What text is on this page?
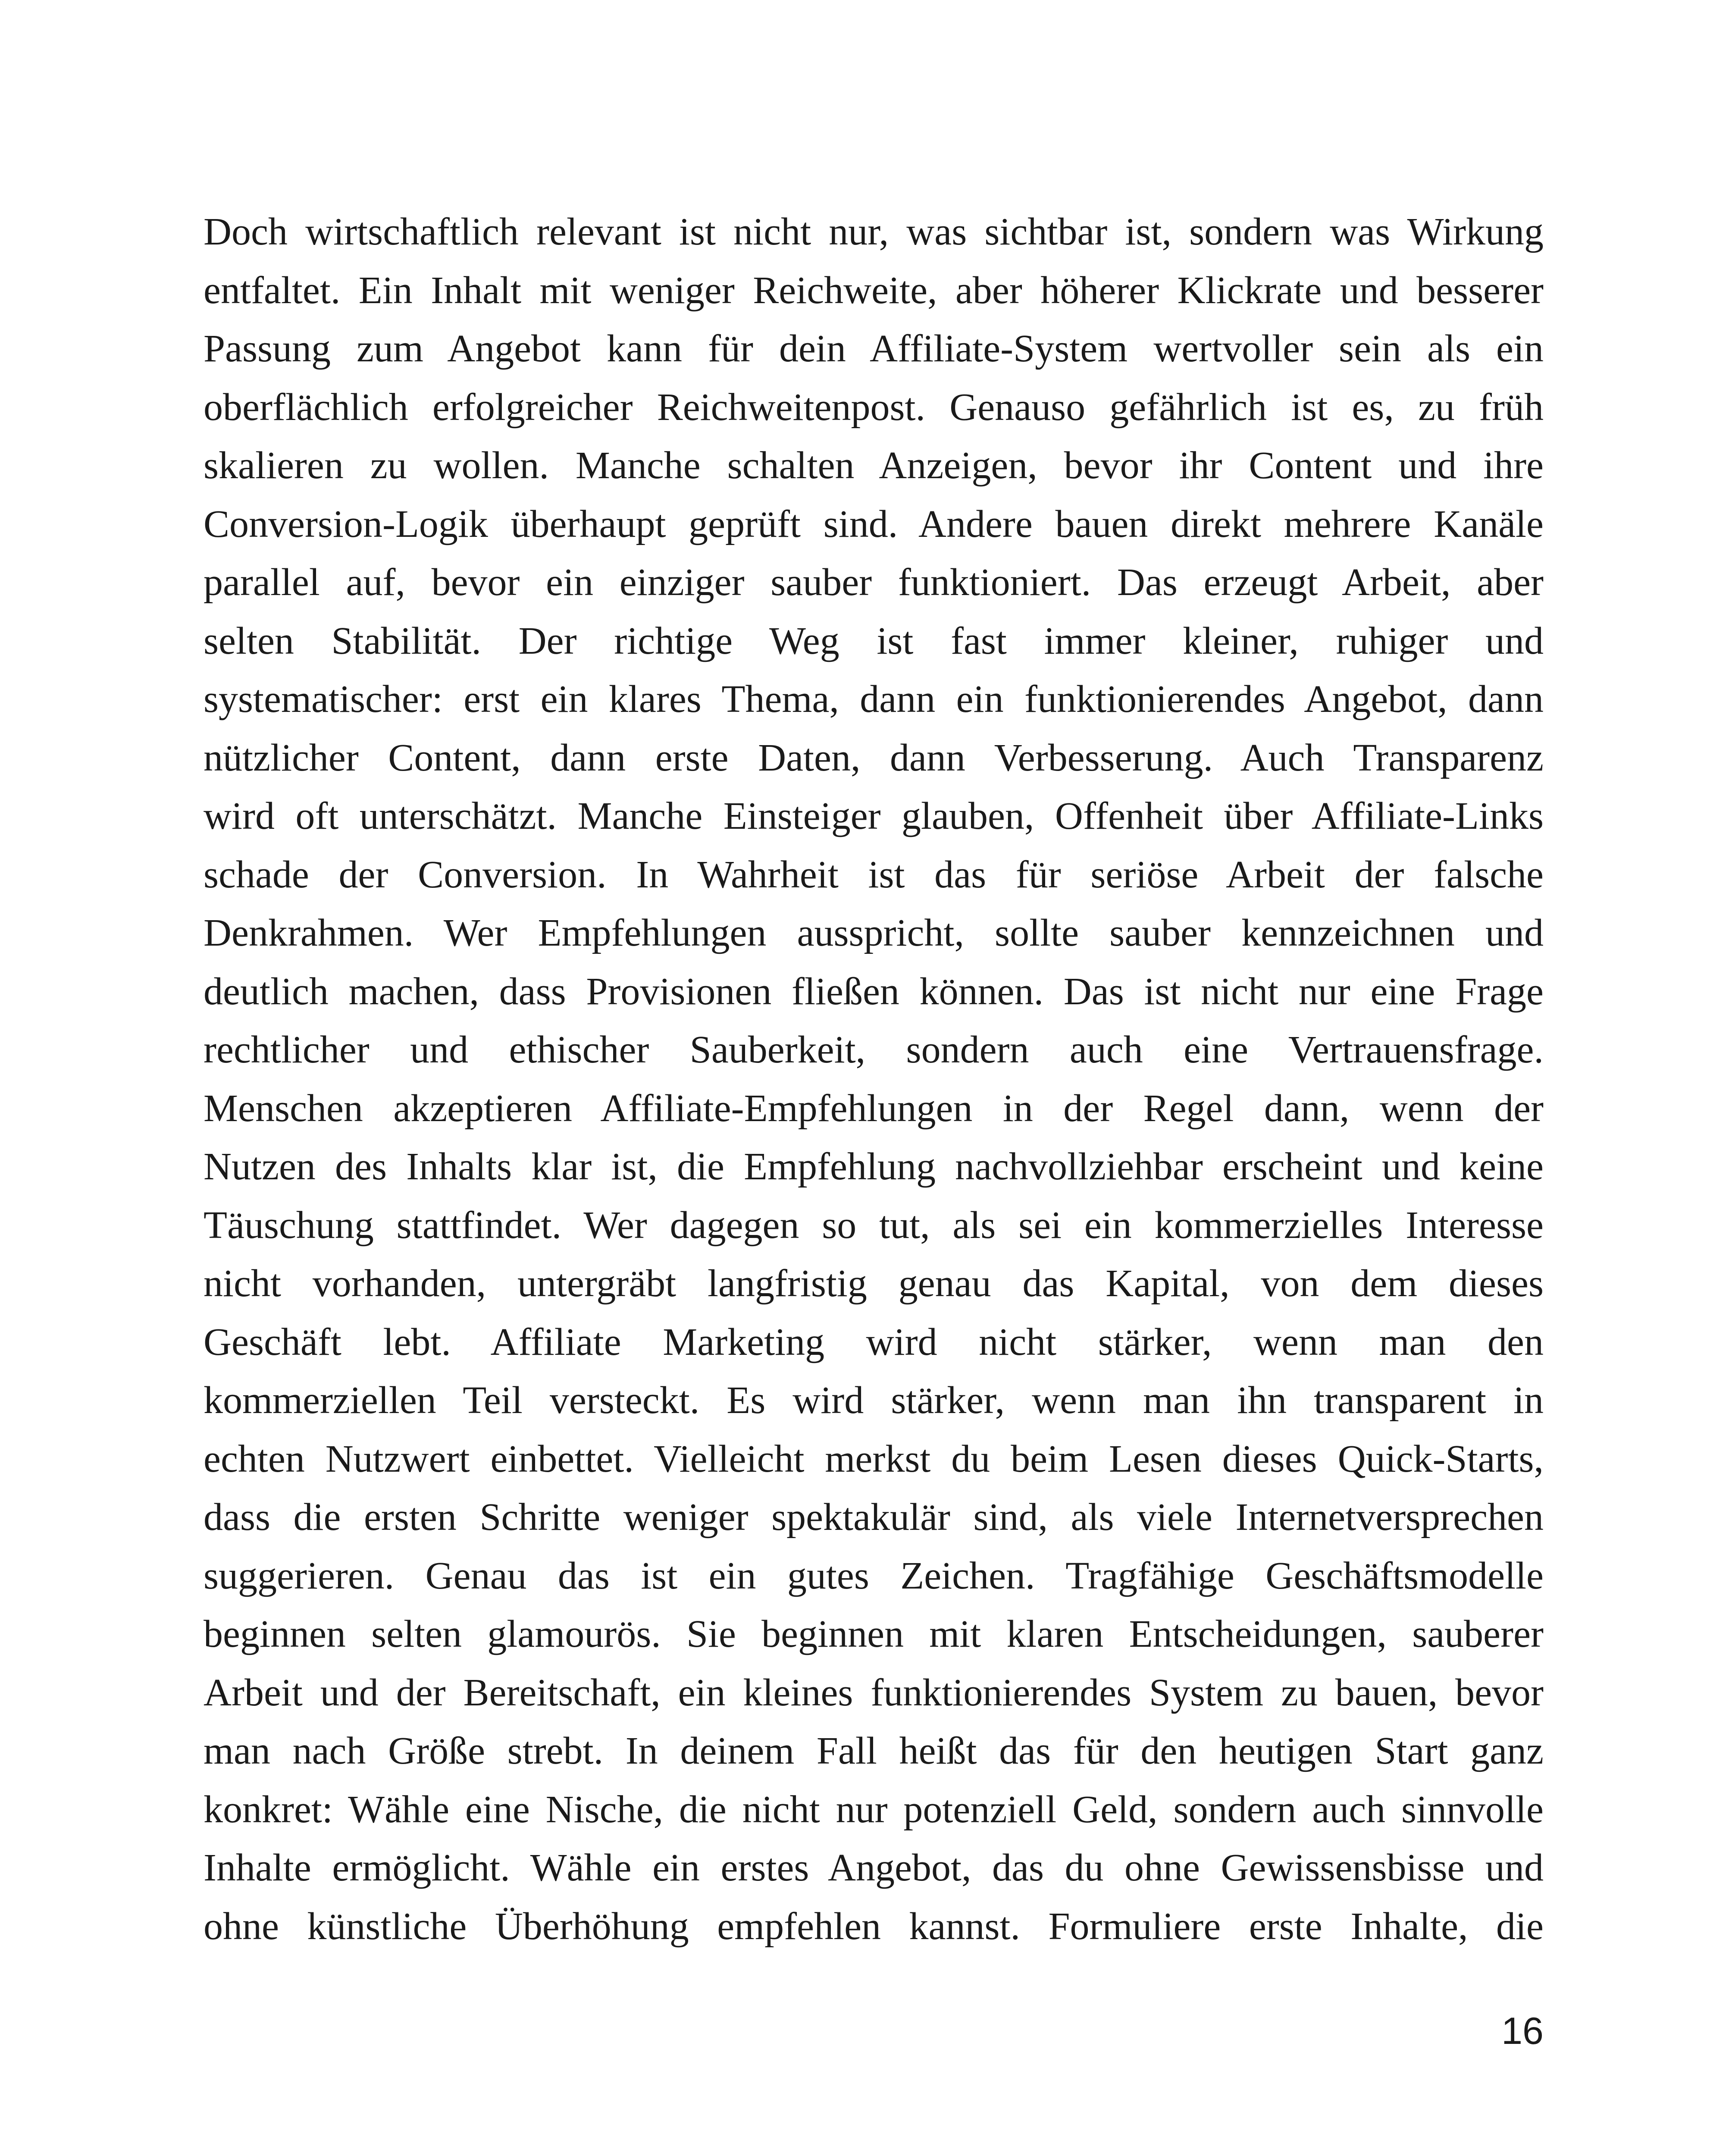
Doch wirtschaftlich relevant ist nicht nur, was sichtbar ist, sondern was Wirkung
entfaltet. Ein Inhalt mit weniger Reichweite, aber höherer Klickrate und besserer
Passung zum Angebot kann für dein Affiliate-System wertvoller sein als ein
oberflächlich erfolgreicher Reichweitenpost. Genauso gefährlich ist es, zu früh
skalieren zu wollen. Manche schalten Anzeigen, bevor ihr Content und ihre
Conversion-Logik überhaupt geprüft sind. Andere bauen direkt mehrere Kanäle
parallel auf, bevor ein einziger sauber funktioniert. Das erzeugt Arbeit, aber
selten Stabilität. Der richtige Weg ist fast immer kleiner, ruhiger und
systematischer: erst ein klares Thema, dann ein funktionierendes Angebot, dann
nützlicher Content, dann erste Daten, dann Verbesserung. Auch Transparenz
wird oft unterschätzt. Manche Einsteiger glauben, Offenheit über Affiliate-Links
schade der Conversion. In Wahrheit ist das für seriöse Arbeit der falsche
Denkrahmen. Wer Empfehlungen ausspricht, sollte sauber kennzeichnen und
deutlich machen, dass Provisionen fließen können. Das ist nicht nur eine Frage
rechtlicher und ethischer Sauberkeit, sondern auch eine Vertrauensfrage.
Menschen akzeptieren Affiliate-Empfehlungen in der Regel dann, wenn der
Nutzen des Inhalts klar ist, die Empfehlung nachvollziehbar erscheint und keine
Täuschung stattfindet. Wer dagegen so tut, als sei ein kommerzielles Interesse
nicht vorhanden, untergräbt langfristig genau das Kapital, von dem dieses
Geschäft lebt. Affiliate Marketing wird nicht stärker, wenn man den
kommerziellen Teil versteckt. Es wird stärker, wenn man ihn transparent in
echten Nutzwert einbettet. Vielleicht merkst du beim Lesen dieses Quick-Starts,
dass die ersten Schritte weniger spektakulär sind, als viele Internetversprechen
suggerieren. Genau das ist ein gutes Zeichen. Tragfähige Geschäftsmodelle
beginnen selten glamourös. Sie beginnen mit klaren Entscheidungen, sauberer
Arbeit und der Bereitschaft, ein kleines funktionierendes System zu bauen, bevor
man nach Größe strebt. In deinem Fall heißt das für den heutigen Start ganz
konkret: Wähle eine Nische, die nicht nur potenziell Geld, sondern auch sinnvolle
Inhalte ermöglicht. Wähle ein erstes Angebot, das du ohne Gewissensbisse und
ohne künstliche Überhöhung empfehlen kannst. Formuliere erste Inhalte, die
16
